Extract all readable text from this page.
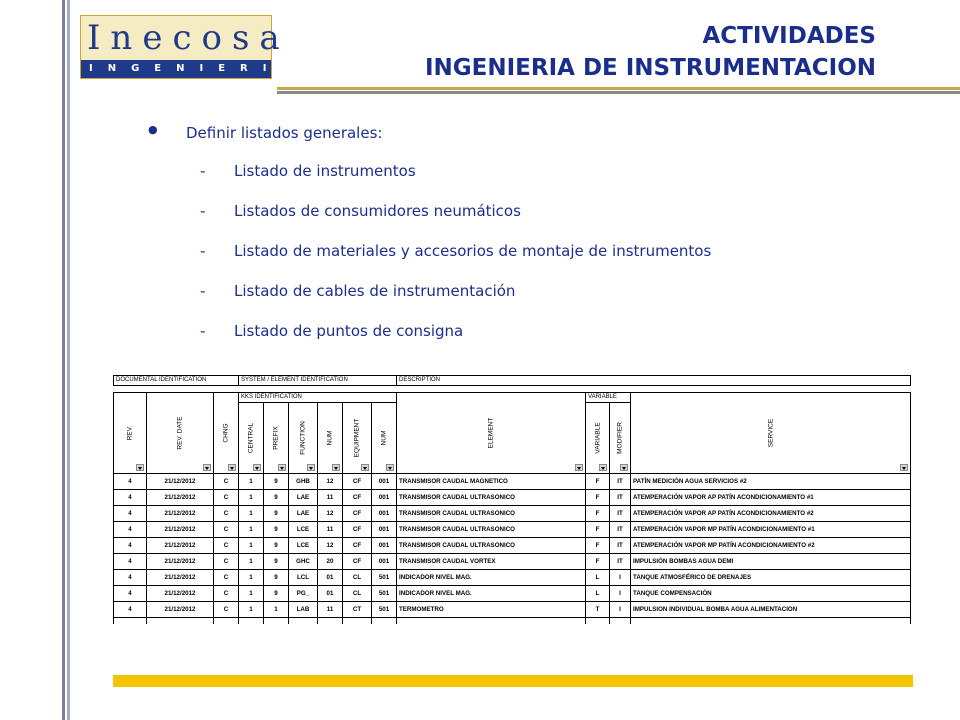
Inecosa
INGENIERIA
ACTIVIDADES
INGENIERIA DE INSTRUMENTACION
● Definir listados generales:
- Listado de instrumentos
- Listados de consumidores neumáticos
- Listado de materiales y accesorios de montaje de instrumentos
- Listado de cables de instrumentación
- Listado de puntos de consigna
DOCUMENTAL IDENTIFICATION			SYSTEM / ELEMENT IDENTIFICATION						DESCRIPTION			

REV.	REV. DATE	CHNG	KKS IDENTIFICATION						ELEMENT	VARIABLE		SERVICE

			CENTRAL	PREFIX	FUNCTION	NUM	EQUIPMENT	NUM		VARIABLE	MODIFIER	

4	21/12/2012	C	1	9	GHB	12	CF	001	TRANSMISOR CAUDAL MAGNETICO	F	IT	PATÍN MEDICIÓN AGUA SERVICIOS #2
4	21/12/2012	C	1	9	LAE	11	CF	001	TRANSMISOR CAUDAL ULTRASONICO	F	IT	ATEMPERACIÓN VAPOR AP PATÍN ACONDICIONAMIENTO #1
4	21/12/2012	C	1	9	LAE	12	CF	001	TRANSMISOR CAUDAL ULTRASONICO	F	IT	ATEMPERACIÓN VAPOR AP PATÍN ACONDICIONAMIENTO #2
4	21/12/2012	C	1	9	LCE	11	CF	001	TRANSMISOR CAUDAL ULTRASONICO	F	IT	ATEMPERACIÓN VAPOR MP PATÍN ACONDICIONAMIENTO #1
4	21/12/2012	C	1	9	LCE	12	CF	001	TRANSMISOR CAUDAL ULTRASONICO	F	IT	ATEMPERACIÓN VAPOR MP PATÍN ACONDICIONAMIENTO #2
4	21/12/2012	C	1	9	GHC	20	CF	001	TRANSMISOR CAUDAL VORTEX	F	IT	IMPULSIÓN BOMBAS AGUA DEMI
4	21/12/2012	C	1	9	LCL	01	CL	501	INDICADOR NIVEL MAG.	L	I	TANQUE ATMOSFÉRICO DE DRENAJES
4	21/12/2012	C	1	9	PG_	01	CL	501	INDICADOR NIVEL MAG.	L	I	TANQUE COMPENSACIÓN
4	21/12/2012	C	1	1	LAB	11	CT	501	TERMOMETRO	T	I	IMPULSION INDIVIDUAL BOMBA AGUA ALIMENTACION
